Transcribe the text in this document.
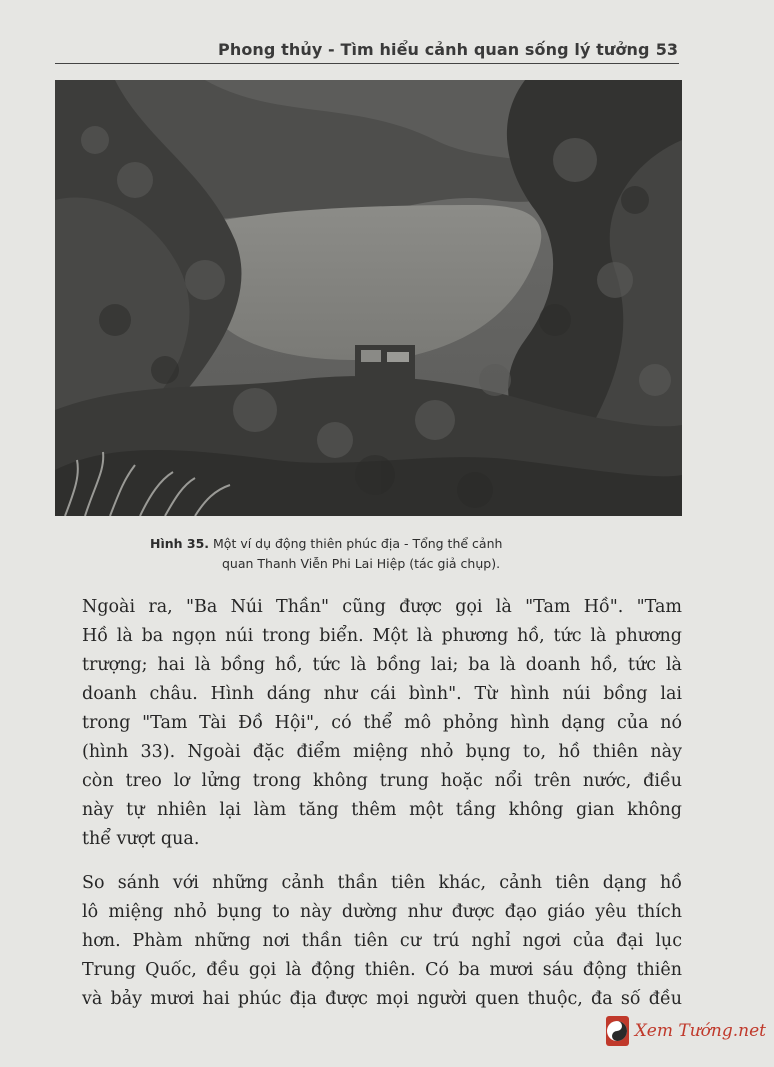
Phong thủy - Tìm hiểu cảnh quan sống lý tưởng 53
Hình 35. Một ví dụ động thiên phúc địa - Tổng thể cảnh
quan Thanh Viễn Phi Lai Hiệp (tác giả chụp).
Ngoài ra, "Ba Núi Thần" cũng được gọi là "Tam Hồ". "Tam
Hồ là ba ngọn núi trong biển. Một là phương hồ, tức là phương
trượng; hai là bồng hồ, tức là bồng lai; ba là doanh hồ, tức là
doanh châu. Hình dáng như cái bình". Từ hình núi bồng lai
trong "Tam Tài Đồ Hội", có thể mô phỏng hình dạng của nó
(hình 33). Ngoài đặc điểm miệng nhỏ bụng to, hồ thiên này
còn treo lơ lửng trong không trung hoặc nổi trên nước, điều
này tự nhiên lại làm tăng thêm một tầng không gian không
thể vượt qua.
So sánh với những cảnh thần tiên khác, cảnh tiên dạng hồ
lô miệng nhỏ bụng to này dường như được đạo giáo yêu thích
hơn. Phàm những nơi thần tiên cư trú nghỉ ngơi của đại lục
Trung Quốc, đều gọi là động thiên. Có ba mươi sáu động thiên
và bảy mươi hai phúc địa được mọi người quen thuộc, đa số đều
Xem Tướng.net
